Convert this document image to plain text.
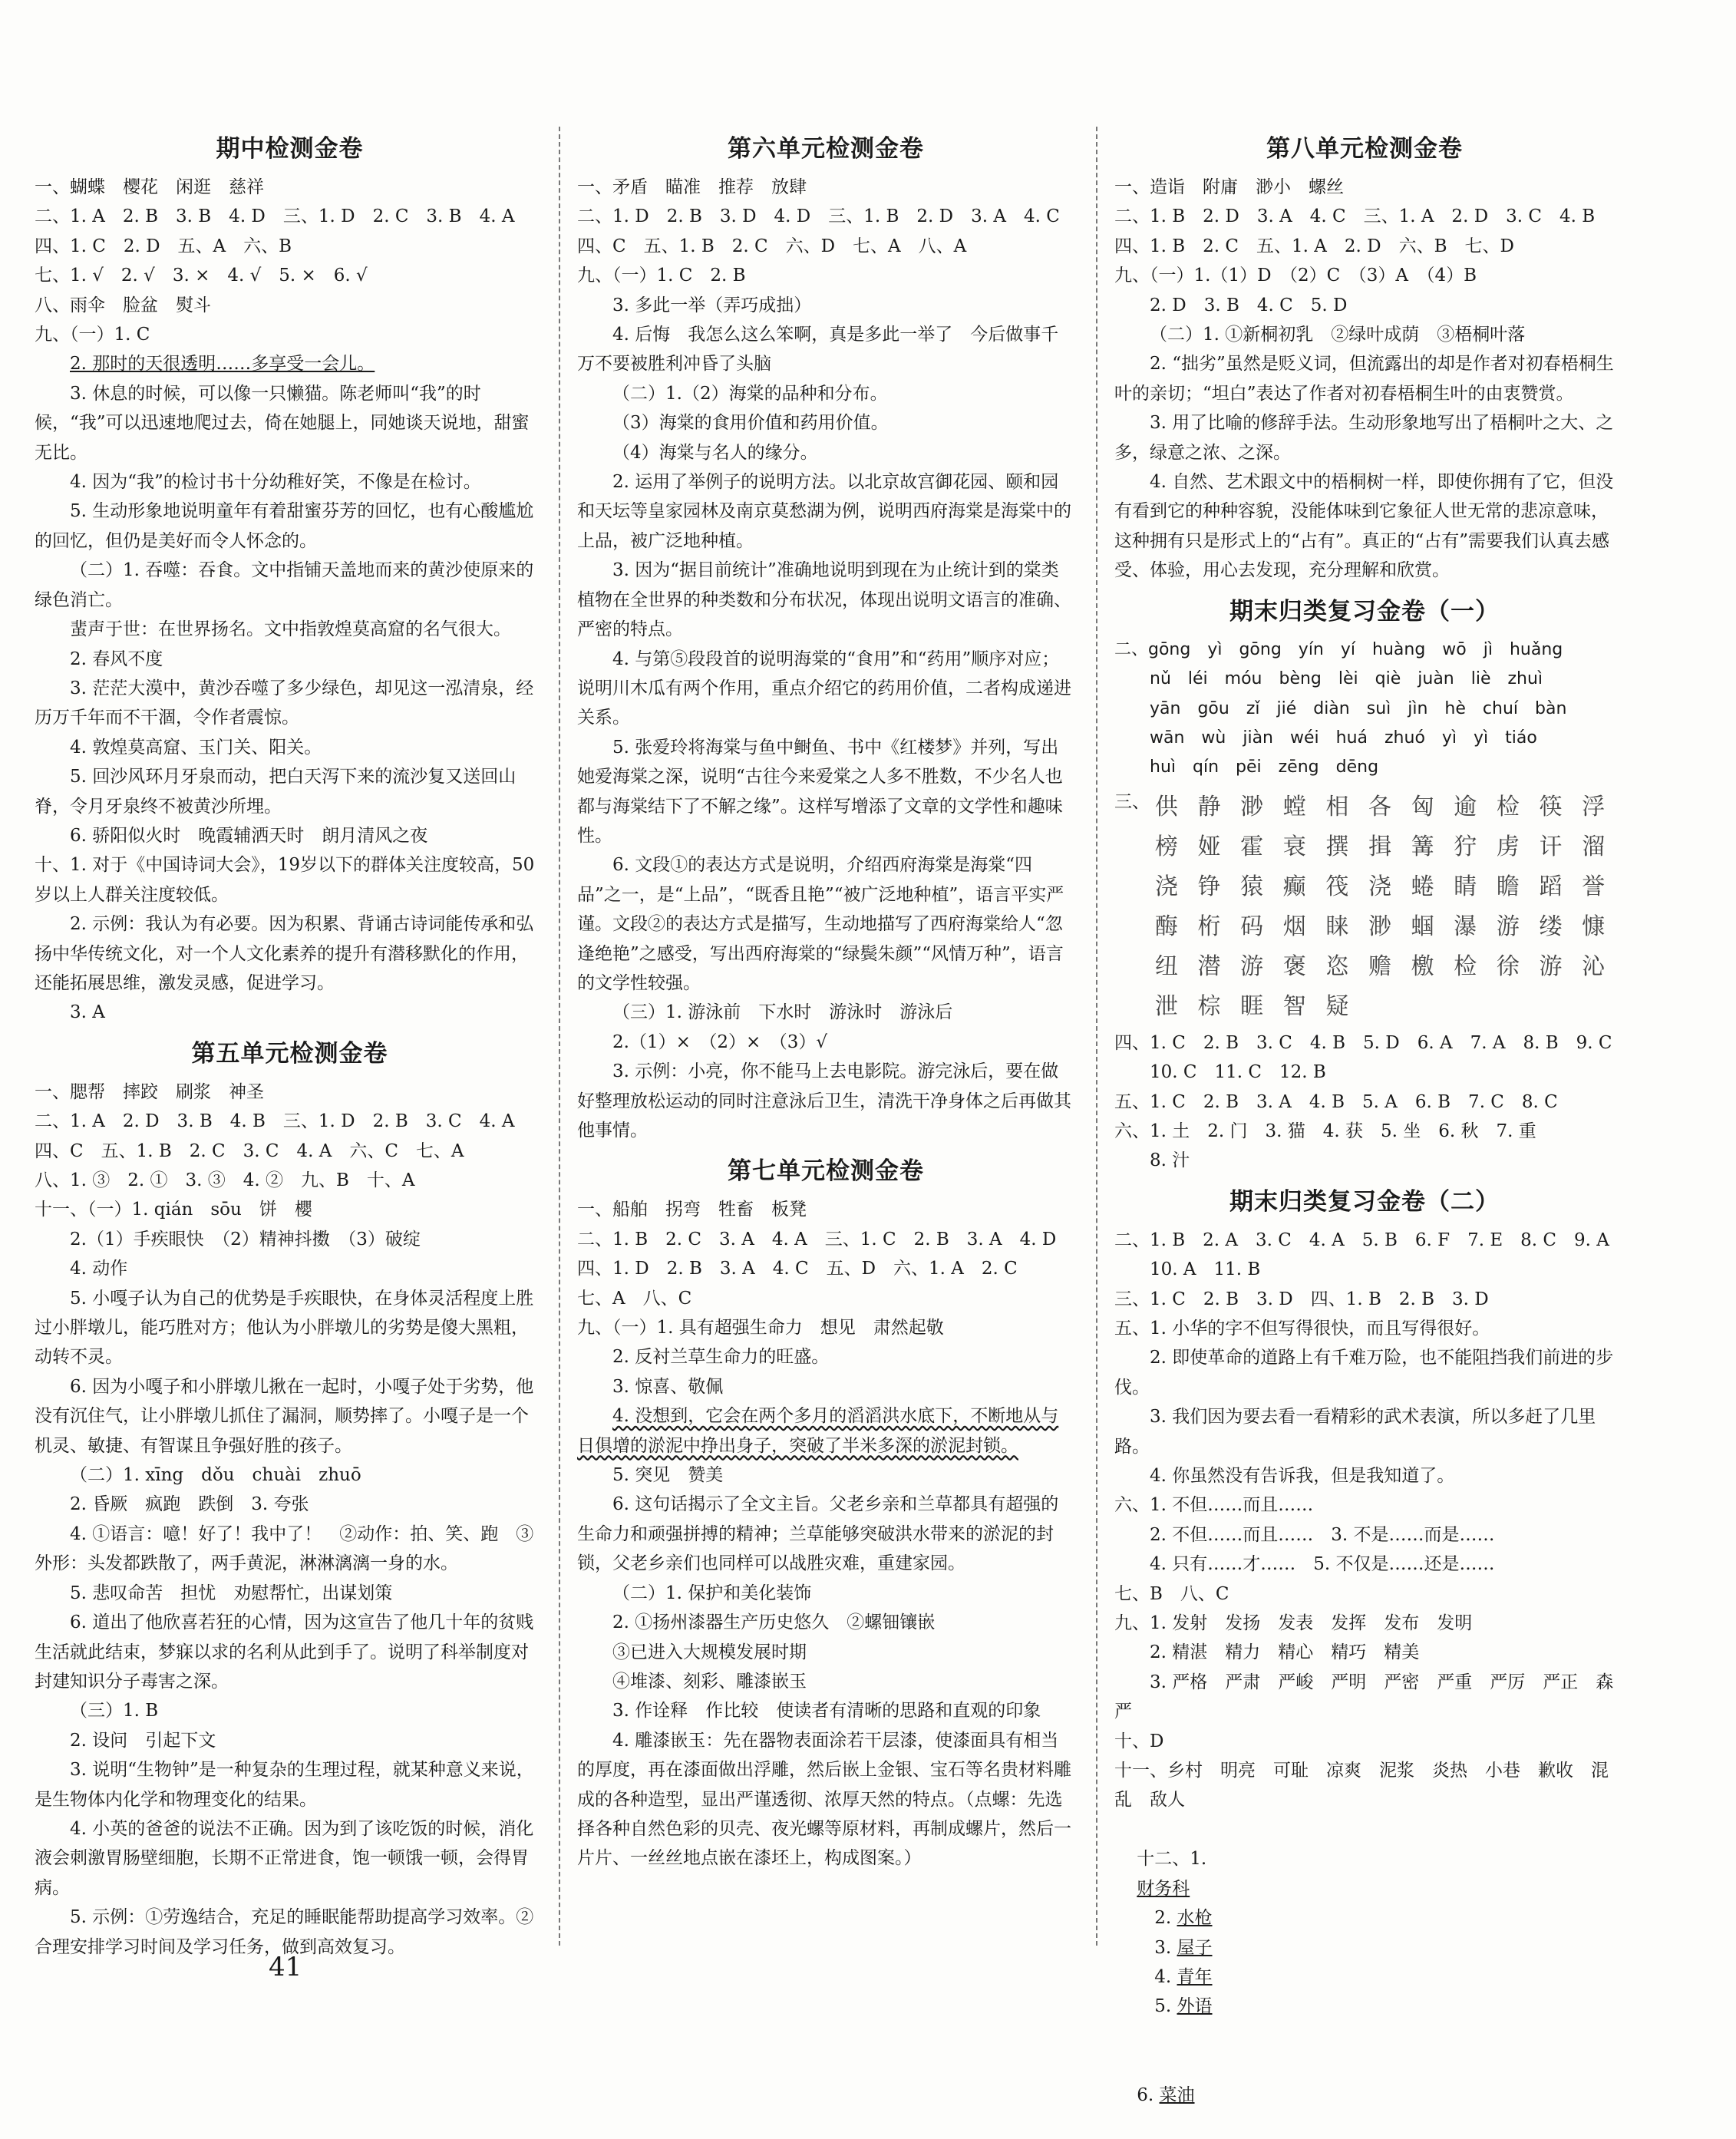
期中检测金卷
一、蝴蝶　樱花　闲逛　慈祥
二、1. A　2. B　3. B　4. D　三、1. D　2. C　3. B　4. A
四、1. C　2. D　五、A　六、B
七、1. √　2. √　3. ×　4. √　5. ×　6. √
八、雨伞　脸盆　熨斗
九、（一）1. C
2. 那时的天很透明……多享受一会儿。
3. 休息的时候，可以像一只懒猫。陈老师叫“我”的时候，“我”可以迅速地爬过去，倚在她腿上，同她谈天说地，甜蜜无比。
4. 因为“我”的检讨书十分幼稚好笑，不像是在检讨。
5. 生动形象地说明童年有着甜蜜芬芳的回忆，也有心酸尴尬的回忆，但仍是美好而令人怀念的。
（二）1. 吞噬：吞食。文中指铺天盖地而来的黄沙使原来的绿色消亡。
蜚声于世：在世界扬名。文中指敦煌莫高窟的名气很大。
2. 春风不度
3. 茫茫大漠中，黄沙吞噬了多少绿色，却见这一泓清泉，经历万千年而不干涸，令作者震惊。
4. 敦煌莫高窟、玉门关、阳关。
5. 回沙风环月牙泉而动，把白天泻下来的流沙复又送回山脊，令月牙泉终不被黄沙所埋。
6. 骄阳似火时　晚霞辅洒天时　朗月清风之夜
十、1. 对于《中国诗词大会》，19岁以下的群体关注度较高，50岁以上人群关注度较低。
2. 示例：我认为有必要。因为积累、背诵古诗词能传承和弘扬中华传统文化，对一个人文化素养的提升有潜移默化的作用，还能拓展思维，激发灵感，促进学习。
3. A
第五单元检测金卷
一、腮帮　摔跤　刷浆　神圣
二、1. A　2. D　3. B　4. B　三、1. D　2. B　3. C　4. A
四、C　五、1. B　2. C　3. C　4. A　六、C　七、A
八、1. ③　2. ①　3. ③　4. ②　九、B　十、A
十一、（一）1. qián　sōu　饼　櫻
2.（1）手疾眼快　（2）精神抖擞　（3）破绽
4. 动作
5. 小嘎子认为自己的优势是手疾眼快，在身体灵活程度上胜过小胖墩儿，能巧胜对方；他认为小胖墩儿的劣势是傻大黑粗，动转不灵。
6. 因为小嘎子和小胖墩儿揪在一起时，小嘎子处于劣势，他没有沉住气，让小胖墩儿抓住了漏洞，顺势摔了。小嘎子是一个机灵、敏捷、有智谋且争强好胜的孩子。
（二）1. xīng　dǒu　chuài　zhuō
2. 昏厥　疯跑　跌倒　3. 夸张
4. ①语言：噫！好了！我中了！　②动作：拍、笑、跑　③外形：头发都跌散了，两手黄泥，淋淋漓漓一身的水。
5. 悲叹命苦　担忧　劝慰帮忙，出谋划策
6. 道出了他欣喜若狂的心情，因为这宣告了他几十年的贫贱生活就此结束，梦寐以求的名利从此到手了。说明了科举制度对封建知识分子毒害之深。
（三）1. B
2. 设问　引起下文
3. 说明“生物钟”是一种复杂的生理过程，就某种意义来说，是生物体内化学和物理变化的结果。
4. 小英的爸爸的说法不正确。因为到了该吃饭的时候，消化液会刺激胃肠壁细胞，长期不正常进食，饱一顿饿一顿，会得胃病。
5. 示例：①劳逸结合，充足的睡眠能帮助提高学习效率。②合理安排学习时间及学习任务，做到高效复习。
第六单元检测金卷
一、矛盾　瞄准　推荐　放肆
二、1. D　2. B　3. D　4. D　三、1. B　2. D　3. A　4. C
四、C　五、1. B　2. C　六、D　七、A　八、A
九、（一）1. C　2. B
3. 多此一举（弄巧成拙）
4. 后悔　我怎么这么笨啊，真是多此一举了　今后做事千万不要被胜利冲昏了头脑
（二）1.（2）海棠的品种和分布。
（3）海棠的食用价值和药用价值。
（4）海棠与名人的缘分。
2. 运用了举例子的说明方法。以北京故宫御花园、颐和园和天坛等皇家园林及南京莫愁湖为例，说明西府海棠是海棠中的上品，被广泛地种植。
3. 因为“据目前统计”准确地说明到现在为止统计到的棠类植物在全世界的种类数和分布状况，体现出说明文语言的准确、严密的特点。
4. 与第⑤段段首的说明海棠的“食用”和“药用”顺序对应；说明川木瓜有两个作用，重点介绍它的药用价值，二者构成递进关系。
5. 张爱玲将海棠与鱼中鲥鱼、书中《红楼梦》并列，写出她爱海棠之深，说明“古往今来爱棠之人多不胜数，不少名人也都与海棠结下了不解之缘”。这样写增添了文章的文学性和趣味性。
6. 文段①的表达方式是说明，介绍西府海棠是海棠“四品”之一，是“上品”，“既香且艳”“被广泛地种植”，语言平实严谨。文段②的表达方式是描写，生动地描写了西府海棠给人“忽逢绝艳”之感受，写出西府海棠的“绿鬓朱颜”“风情万种”，语言的文学性较强。
（三）1. 游泳前　下水时　游泳时　游泳后
2.（1）×　（2）×　（3）√
3. 示例：小亮，你不能马上去电影院。游完泳后，要在做好整理放松运动的同时注意泳后卫生，清洗干净身体之后再做其他事情。
第七单元检测金卷
一、船舶　拐弯　牲畜　板凳
二、1. B　2. C　3. A　4. A　三、1. C　2. B　3. A　4. D
四、1. D　2. B　3. A　4. C　五、D　六、1. A　2. C
七、A　八、C
九、（一）1. 具有超强生命力　想见　肃然起敬
2. 反衬兰草生命力的旺盛。
3. 惊喜、敬佩
4. 没想到，它会在两个多月的滔滔洪水底下，不断地从与日俱增的淤泥中挣出身子，突破了半米多深的淤泥封锁。
5. 突见　赞美
6. 这句话揭示了全文主旨。父老乡亲和兰草都具有超强的生命力和顽强拼搏的精神；兰草能够突破洪水带来的淤泥的封锁，父老乡亲们也同样可以战胜灾难，重建家园。
（二）1. 保护和美化装饰
2. ①扬州漆器生产历史悠久　②螺钿镶嵌
③已进入大规模发展时期
④堆漆、刻彩、雕漆嵌玉
3. 作诠释　作比较　使读者有清晰的思路和直观的印象
4. 雕漆嵌玉：先在器物表面涂若干层漆，使漆面具有相当的厚度，再在漆面做出浮雕，然后嵌上金银、宝石等名贵材料雕成的各种造型，显出严谨透彻、浓厚天然的特点。（点螺：先选择各种自然色彩的贝壳、夜光螺等原材料，再制成螺片，然后一片片、一丝丝地点嵌在漆坯上，构成图案。）
第八单元检测金卷
一、造诣　附庸　渺小　螺丝
二、1. B　2. D　3. A　4. C　三、1. A　2. D　3. C　4. B
四、1. B　2. C　五、1. A　2. D　六、B　七、D
九、（一）1.（1）D　（2）C　（3）A　（4）B
2. D　3. B　4. C　5. D
（二）1. ①新桐初乳　②绿叶成荫　③梧桐叶落
2. “拙劣”虽然是贬义词，但流露出的却是作者对初春梧桐生叶的亲切；“坦白”表达了作者对初春梧桐生叶的由衷赞赏。
3. 用了比喻的修辞手法。生动形象地写出了梧桐叶之大、之多，绿意之浓、之深。
4. 自然、艺术跟文中的梧桐树一样，即使你拥有了它，但没有看到它的种种容貌，没能体味到它象征人世无常的悲凉意味，这种拥有只是形式上的“占有”。真正的“占有”需要我们认真去感受、体验，用心去发现，充分理解和欣赏。
期末归类复习金卷（一）
二、gōng　yì　gōng　yín　yí　huàng　wō　jì　huǎng
nǔ　léi　móu　bèng　lèi　qiè　juàn　liè　zhuì
yān　gōu　zǐ　jié　diàn　suì　jìn　hè　chuí　bàn
wān　wù　jiàn　wéi　huá　zhuó　yì　yì　tiáo
huì　qín　pēi　zēng　dēng
三、 供 静 渺 螳 相 各 匈 逾 检 筷 浮
榜 娅 霍 衰 撰 揖 篝 狞 虏 讦 溜
浇 铮 猿 癫 筏 浇 蜷 睛 瞻 蹈 誉
酶 桁 码 烟 睐 渺 蝈 瀑 游 缕 慷
纽 潜 游 褒 恣 赡 檄 检 徐 游 沁
泄 棕 睚 智 疑
四、1. C　2. B　3. C　4. B　5. D　6. A　7. A　8. B　9. C
10. C　11. C　12. B
五、1. C　2. B　3. A　4. B　5. A　6. B　7. C　8. C
六、1. 土　2. 门　3. 猫　4. 获　5. 坐　6. 秋　7. 重
8. 汁
期末归类复习金卷（二）
二、1. B　2. A　3. C　4. A　5. B　6. F　7. E　8. C　9. A
10. A　11. B
三、1. C　2. B　3. D　四、1. B　2. B　3. D
五、1. 小华的字不但写得很快，而且写得很好。
2. 即使革命的道路上有千难万险，也不能阻挡我们前进的步伐。
3. 我们因为要去看一看精彩的武术表演，所以多赶了几里路。
4. 你虽然没有告诉我，但是我知道了。
六、1. 不但……而且……
2. 不但……而且……　3. 不是……而是……
4. 只有……才……　5. 不仅是……还是……
七、B　八、C
九、1. 发射　发扬　发表　发挥　发布　发明
2. 精湛　精力　精心　精巧　精美
3. 严格　严肃　严峻　严明　严密　严重　严厉　严正　森严
十、D
十一、乡村　明亮　可耻　凉爽　泥浆　炎热　小巷　歉收　混乱　敌人

十二、1.
财务科
　2. 水枪
　3. 屋子
　4. 青年
　5. 外语

6. 菜油

41
